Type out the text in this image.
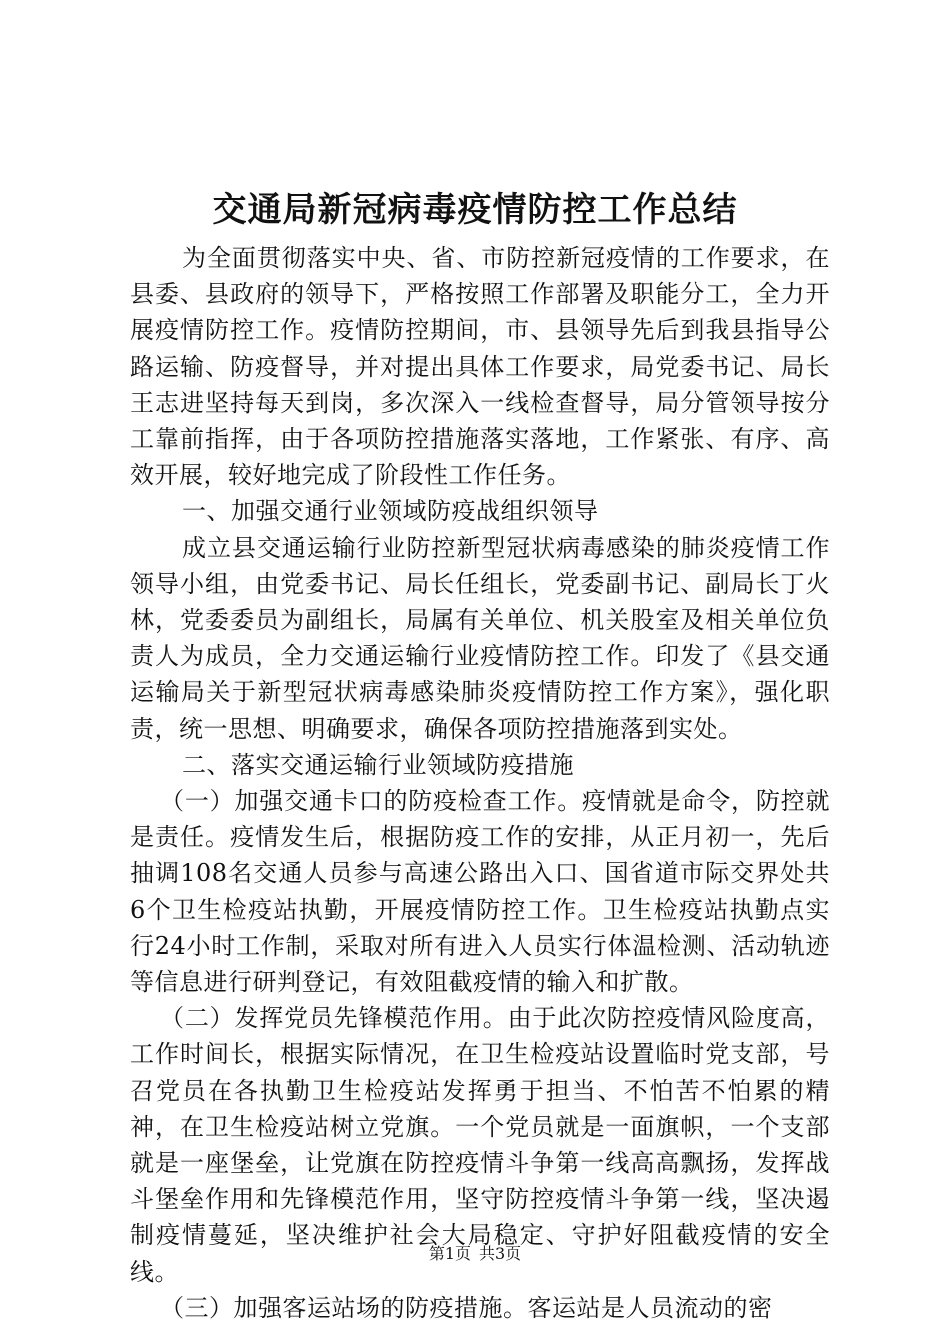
交通局新冠病毒疫情防控工作总结

为全面贯彻落实中央、省、市防控新冠疫情的工作要求，在县委、县政府的领导下，严格按照工作部署及职能分工，全力开展疫情防控工作。疫情防控期间，市、县领导先后到我县指导公路运输、防疫督导，并对提出具体工作要求，局党委书记、局长王志进坚持每天到岗，多次深入一线检查督导，局分管领导按分工靠前指挥，由于各项防控措施落实落地，工作紧张、有序、高效开展，较好地完成了阶段性工作任务。

一、加强交通行业领域防疫战组织领导

成立县交通运输行业防控新型冠状病毒感染的肺炎疫情工作领导小组，由党委书记、局长任组长，党委副书记、副局长丁火林，党委委员为副组长，局属有关单位、机关股室及相关单位负责人为成员，全力交通运输行业疫情防控工作。印发了《县交通运输局关于新型冠状病毒感染肺炎疫情防控工作方案》，强化职责，统一思想、明确要求，确保各项防控措施落到实处。

二、落实交通运输行业领域防疫措施

（一）加强交通卡口的防疫检查工作。疫情就是命令，防控就是责任。疫情发生后，根据防疫工作的安排，从正月初一，先后抽调108名交通人员参与高速公路出入口、国省道市际交界处共6个卫生检疫站执勤，开展疫情防控工作。卫生检疫站执勤点实行24小时工作制，采取对所有进入人员实行体温检测、活动轨迹等信息进行研判登记，有效阻截疫情的输入和扩散。

（二）发挥党员先锋模范作用。由于此次防控疫情风险度高，工作时间长，根据实际情况，在卫生检疫站设置临时党支部，号召党员在各执勤卫生检疫站发挥勇于担当、不怕苦不怕累的精神，在卫生检疫站树立党旗。一个党员就是一面旗帜，一个支部就是一座堡垒，让党旗在防控疫情斗争第一线高高飘扬，发挥战斗堡垒作用和先锋模范作用，坚守防控疫情斗争第一线，坚决遏制疫情蔓延，坚决维护社会大局稳定、守护好阻截疫情的安全线。

（三）加强客运站场的防疫措施。客运站是人员流动的密

第1页 共3页
